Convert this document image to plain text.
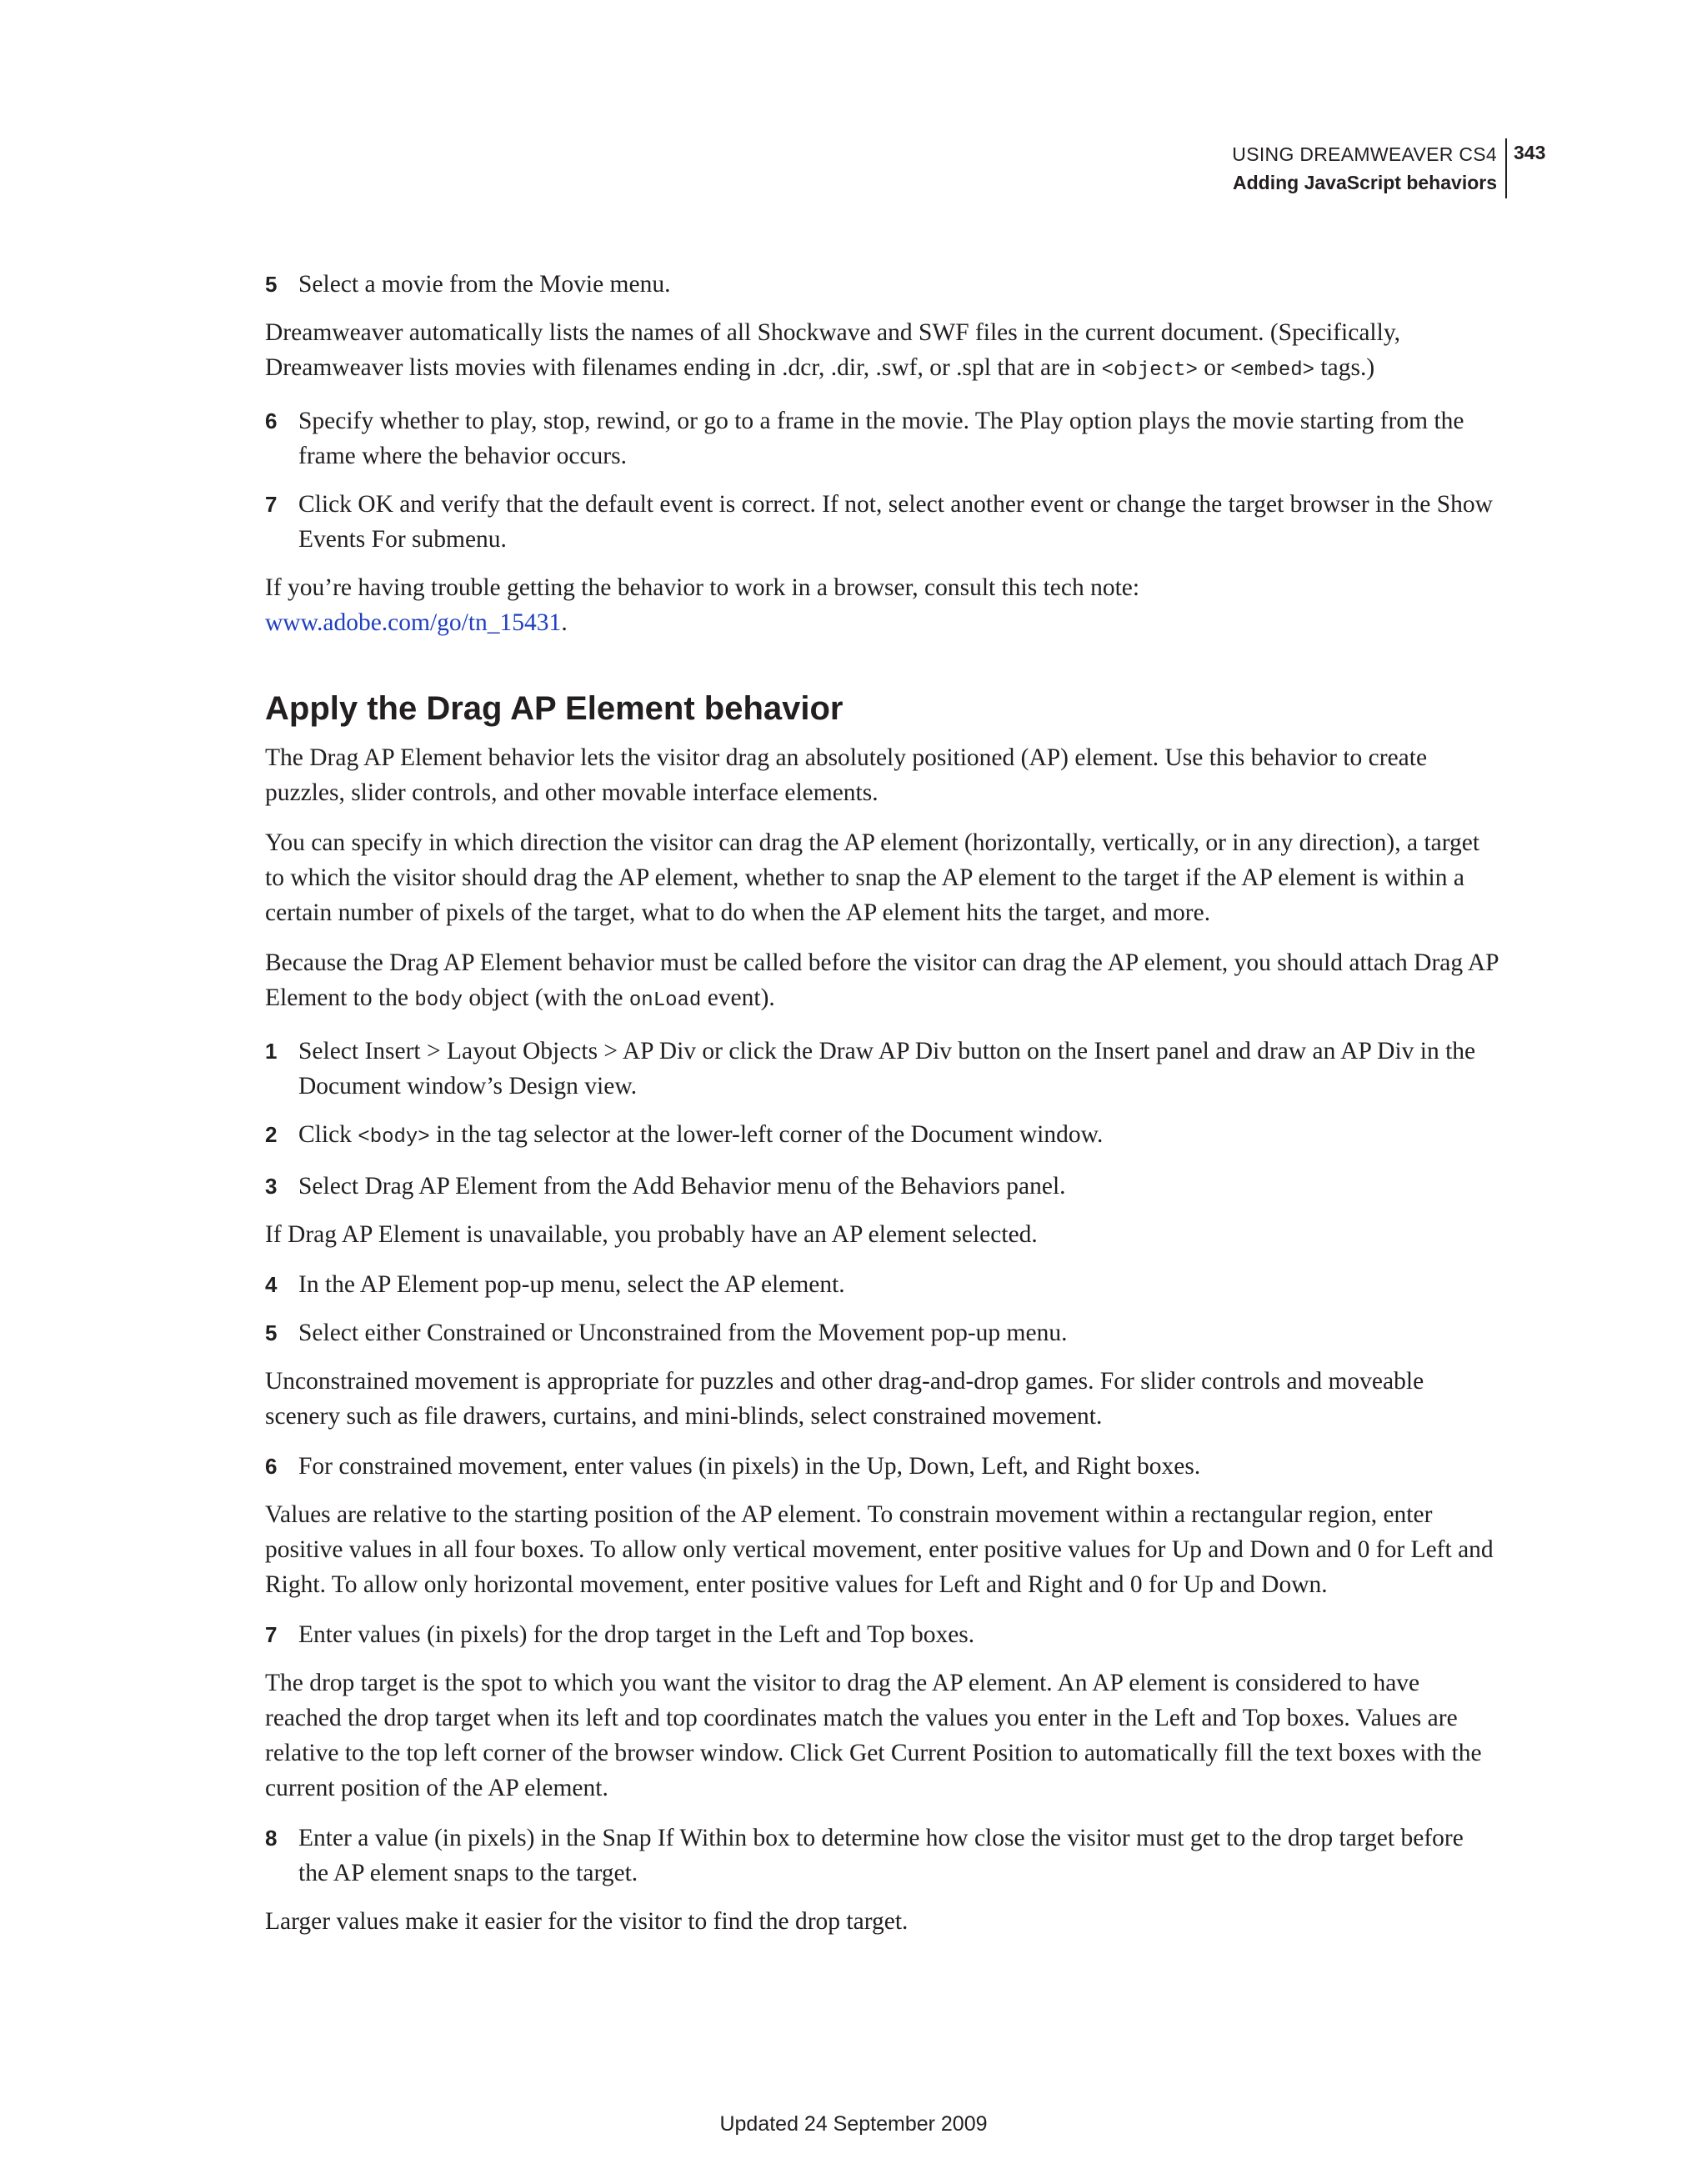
USING DREAMWEAVER CS4
Adding JavaScript behaviors
343
5 Select a movie from the Movie menu.

Dreamweaver automatically lists the names of all Shockwave and SWF files in the current document. (Specifically, Dreamweaver lists movies with filenames ending in .dcr, .dir, .swf, or .spl that are in <object> or <embed> tags.)

6 Specify whether to play, stop, rewind, or go to a frame in the movie. The Play option plays the movie starting from the frame where the behavior occurs.
7 Click OK and verify that the default event is correct. If not, select another event or change the target browser in the Show Events For submenu.

If you’re having trouble getting the behavior to work in a browser, consult this tech note:
www.adobe.com/go/tn_15431.

Apply the Drag AP Element behavior

The Drag AP Element behavior lets the visitor drag an absolutely positioned (AP) element. Use this behavior to create puzzles, slider controls, and other movable interface elements.

You can specify in which direction the visitor can drag the AP element (horizontally, vertically, or in any direction), a target to which the visitor should drag the AP element, whether to snap the AP element to the target if the AP element is within a certain number of pixels of the target, what to do when the AP element hits the target, and more.

Because the Drag AP Element behavior must be called before the visitor can drag the AP element, you should attach Drag AP Element to the body object (with the onLoad event).

1 Select Insert > Layout Objects > AP Div or click the Draw AP Div button on the Insert panel and draw an AP Div in the Document window’s Design view.
2 Click <body> in the tag selector at the lower-left corner of the Document window.
3 Select Drag AP Element from the Add Behavior menu of the Behaviors panel.

If Drag AP Element is unavailable, you probably have an AP element selected.

4 In the AP Element pop-up menu, select the AP element.
5 Select either Constrained or Unconstrained from the Movement pop-up menu.

Unconstrained movement is appropriate for puzzles and other drag-and-drop games. For slider controls and moveable scenery such as file drawers, curtains, and mini-blinds, select constrained movement.

6 For constrained movement, enter values (in pixels) in the Up, Down, Left, and Right boxes.

Values are relative to the starting position of the AP element. To constrain movement within a rectangular region, enter positive values in all four boxes. To allow only vertical movement, enter positive values for Up and Down and 0 for Left and Right. To allow only horizontal movement, enter positive values for Left and Right and 0 for Up and Down.

7 Enter values (in pixels) for the drop target in the Left and Top boxes.

The drop target is the spot to which you want the visitor to drag the AP element. An AP element is considered to have reached the drop target when its left and top coordinates match the values you enter in the Left and Top boxes. Values are relative to the top left corner of the browser window. Click Get Current Position to automatically fill the text boxes with the current position of the AP element.

8 Enter a value (in pixels) in the Snap If Within box to determine how close the visitor must get to the drop target before the AP element snaps to the target.

Larger values make it easier for the visitor to find the drop target.

Updated 24 September 2009
